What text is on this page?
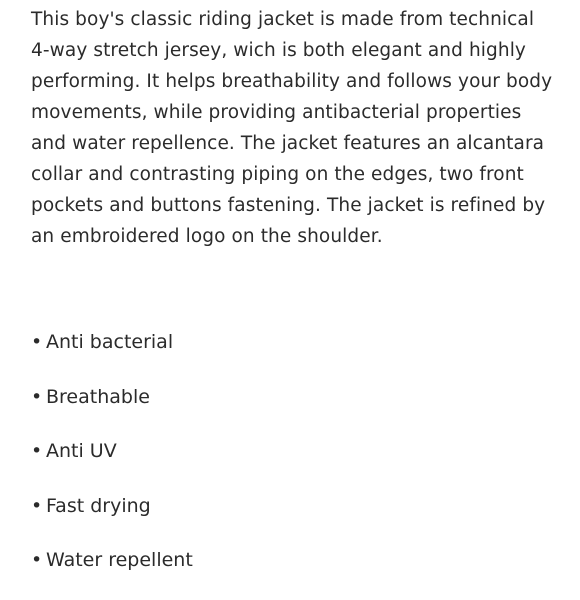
This boy's classic riding jacket is made from technical 4-way stretch jersey, wich is both elegant and highly performing. It helps breathability and follows your body movements, while providing antibacterial properties and water repellence. The jacket features an alcantara collar and contrasting piping on the edges, two front pockets and buttons fastening. The jacket is refined by an embroidered logo on the shoulder.

• Anti bacterial
• Breathable
• Anti UV
• Fast drying
• Water repellent
